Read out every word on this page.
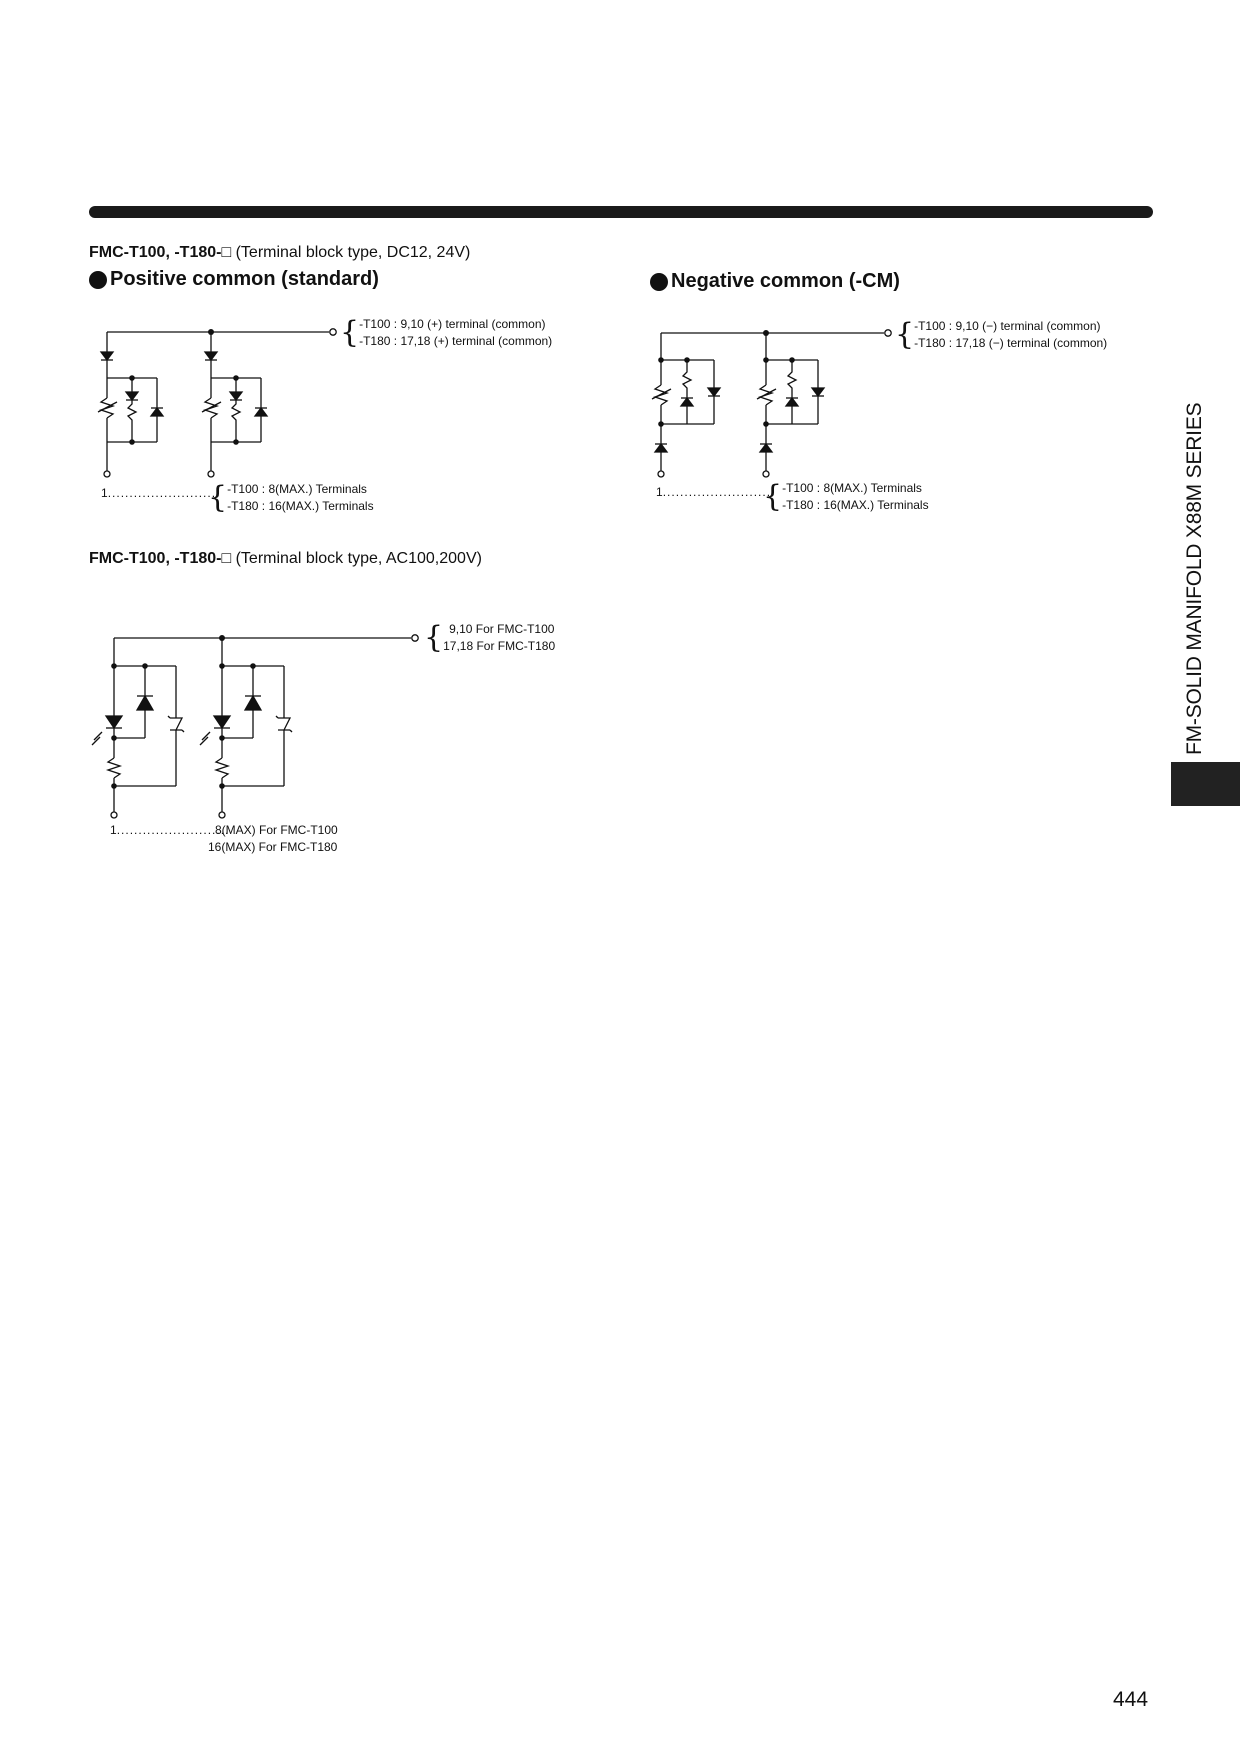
FMC-T100, -T180-□ (Terminal block type, DC12, 24V)
Positive common (standard)	Negative common (-CM)
{ -T100 : 9,10 (+) terminal (common)
-T180 : 17,18 (+) terminal (common)
1.........................
{ -T100 : 8(MAX.) Terminals
-T180 : 16(MAX.) Terminals
{ -T100 : 9,10 (−) terminal (common)
-T180 : 17,18 (−) terminal (common)
1.........................
{ -T100 : 8(MAX.) Terminals
-T180 : 16(MAX.) Terminals
FMC-T100, -T180-□ (Terminal block type, AC100,200V)
{ 9,10 For FMC-T100
17,18 For FMC-T180
1..........................
8(MAX) For FMC-T100
16(MAX) For FMC-T180
FM-SOLID MANIFOLD X88M SERIES
444
